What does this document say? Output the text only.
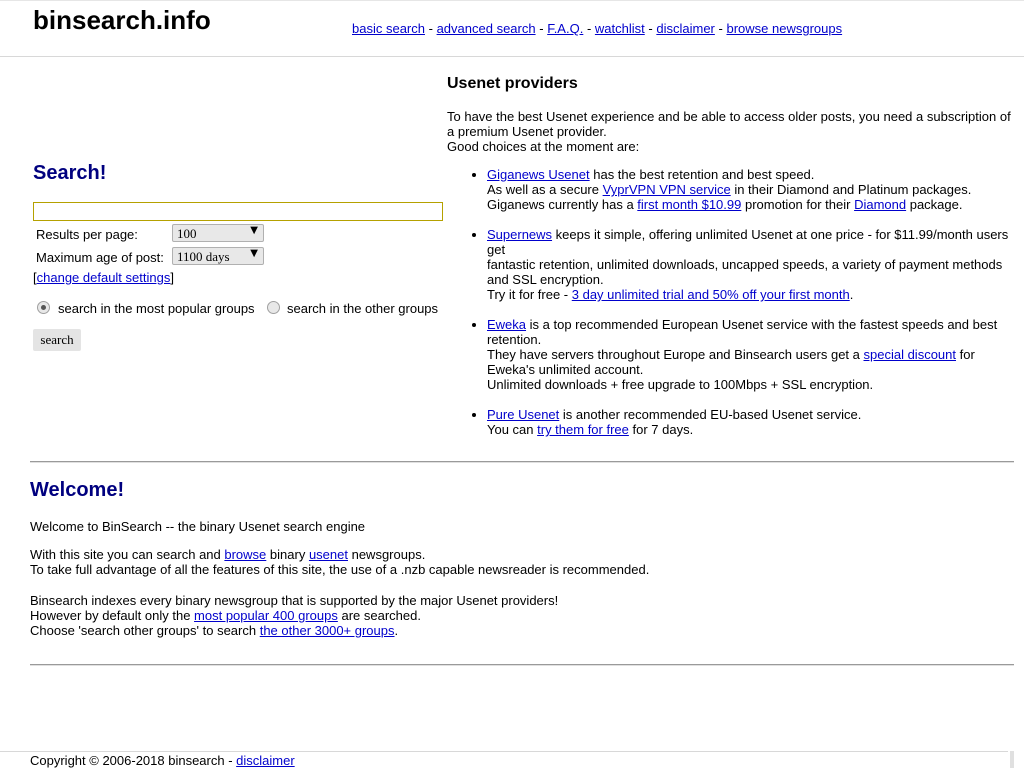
binsearch.info	basic search - advanced search - F.A.Q. - watchlist - disclaimer - browse newsgroups
Search!
Results per page:	100	▼
Maximum age of post:	1100 days ▼
[change default settings]
search in the most popular groups search in the other groups
search
Usenet providers
To have the best Usenet experience and be able to access older posts, you need a subscription of a premium Usenet provider.
Good choices at the moment are:
• Giganews Usenet has the best retention and best speed.
As well as a secure VyprVPN VPN service in their Diamond and Platinum packages.
Giganews currently has a first month $10.99 promotion for their Diamond package.
• Supernews keeps it simple, offering unlimited Usenet at one price - for $11.99/month users get
fantastic retention, unlimited downloads, uncapped speeds, a variety of payment methods and SSL encryption.
Try it for free - 3 day unlimited trial and 50% off your first month.
• Eweka is a top recommended European Usenet service with the fastest speeds and best retention.
They have servers throughout Europe and Binsearch users get a special discount for Eweka's unlimited account.
Unlimited downloads + free upgrade to 100Mbps + SSL encryption.
• Pure Usenet is another recommended EU-based Usenet service.
You can try them for free for 7 days.
Welcome!

Welcome to BinSearch -- the binary Usenet search engine

With this site you can search and browse binary usenet newsgroups.
To take full advantage of all the features of this site, the use of a .nzb capable newsreader is recommended.

Binsearch indexes every binary newsgroup that is supported by the major Usenet providers!
However by default only the most popular 400 groups are searched.
Choose 'search other groups' to search the other 3000+ groups.

Copyright © 2006-2018 binsearch - disclaimer
